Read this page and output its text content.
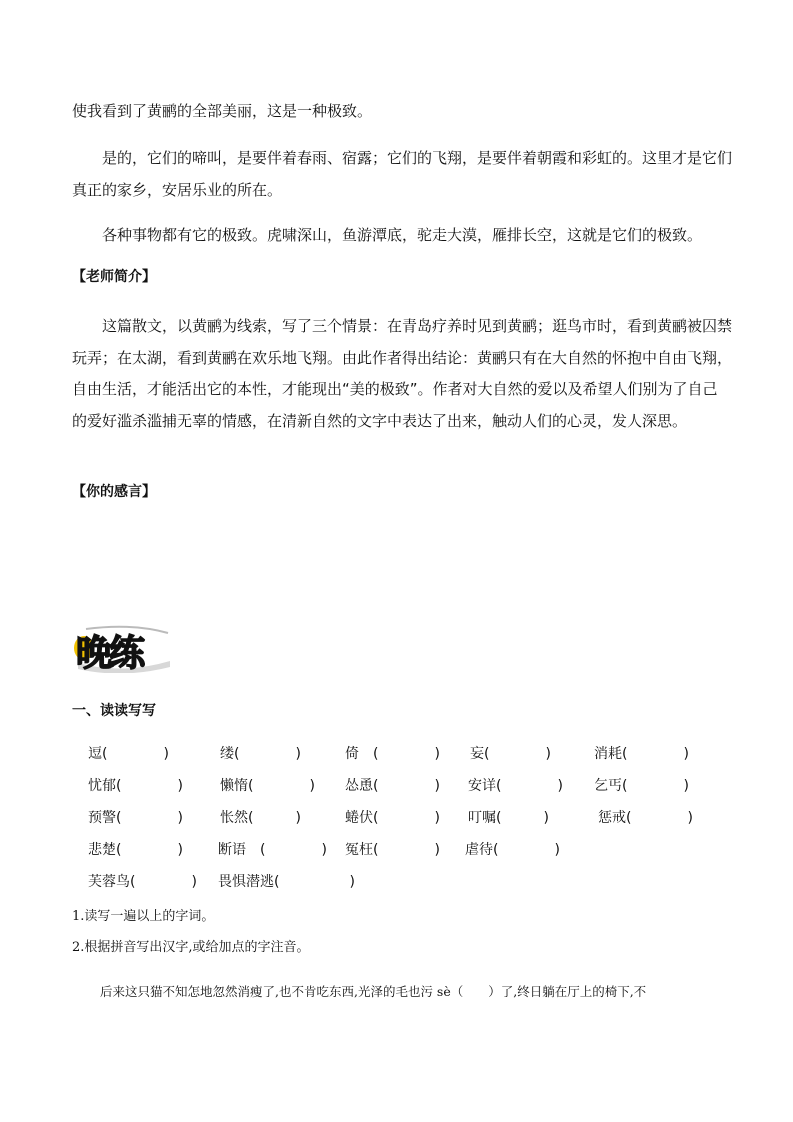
使我看到了黄鹂的全部美丽，这是一种极致。

是的，它们的啼叫，是要伴着春雨、宿露；它们的飞翔，是要伴着朝霞和彩虹的。这里才是它们真正的家乡，安居乐业的所在。

各种事物都有它的极致。虎啸深山，鱼游潭底，驼走大漠，雁排长空，这就是它们的极致。

【老师简介】

这篇散文，以黄鹂为线索，写了三个情景：在青岛疗养时见到黄鹂；逛鸟市时，看到黄鹂被囚禁玩弄；在太湖，看到黄鹂在欢乐地飞翔。由此作者得出结论：黄鹂只有在大自然的怀抱中自由飞翔，自由生活，才能活出它的本性，才能现出“美的极致”。作者对大自然的爱以及希望人们别为了自己的爱好滥杀滥捕无辜的情感，在清新自然的文字中表达了出来，触动人们的心灵，发人深思。

【你的感言】
晚练
一、读读写写
逗(　　　　)	缕(　　　　)	倚　(　　　　) 妄(　　　　)	消耗(　　　　)
忧郁(　　　　)	懒惰(　　　　) 怂恿(　　　　) 安详(　　　　) 乞丐(　　　　)
预警(　　　　)	怅然(　　　)	蜷伏(　　　　) 叮嘱(　　　)	惩戒(　　　　)
悲楚(　　　　)	断语　(　　　　) 冤枉(　　　　) 虐待(　　　　)
芙蓉鸟(　　　　) 畏惧潜逃(　　　　　)
1.读写一遍以上的字词。
2.根据拼音写出汉字,或给加点的字注音。
后来这只猫不知怎地忽然消瘦了,也不肯吃东西,光泽的毛也污 sè（　　）了,终日躺在厅上的椅下,不
